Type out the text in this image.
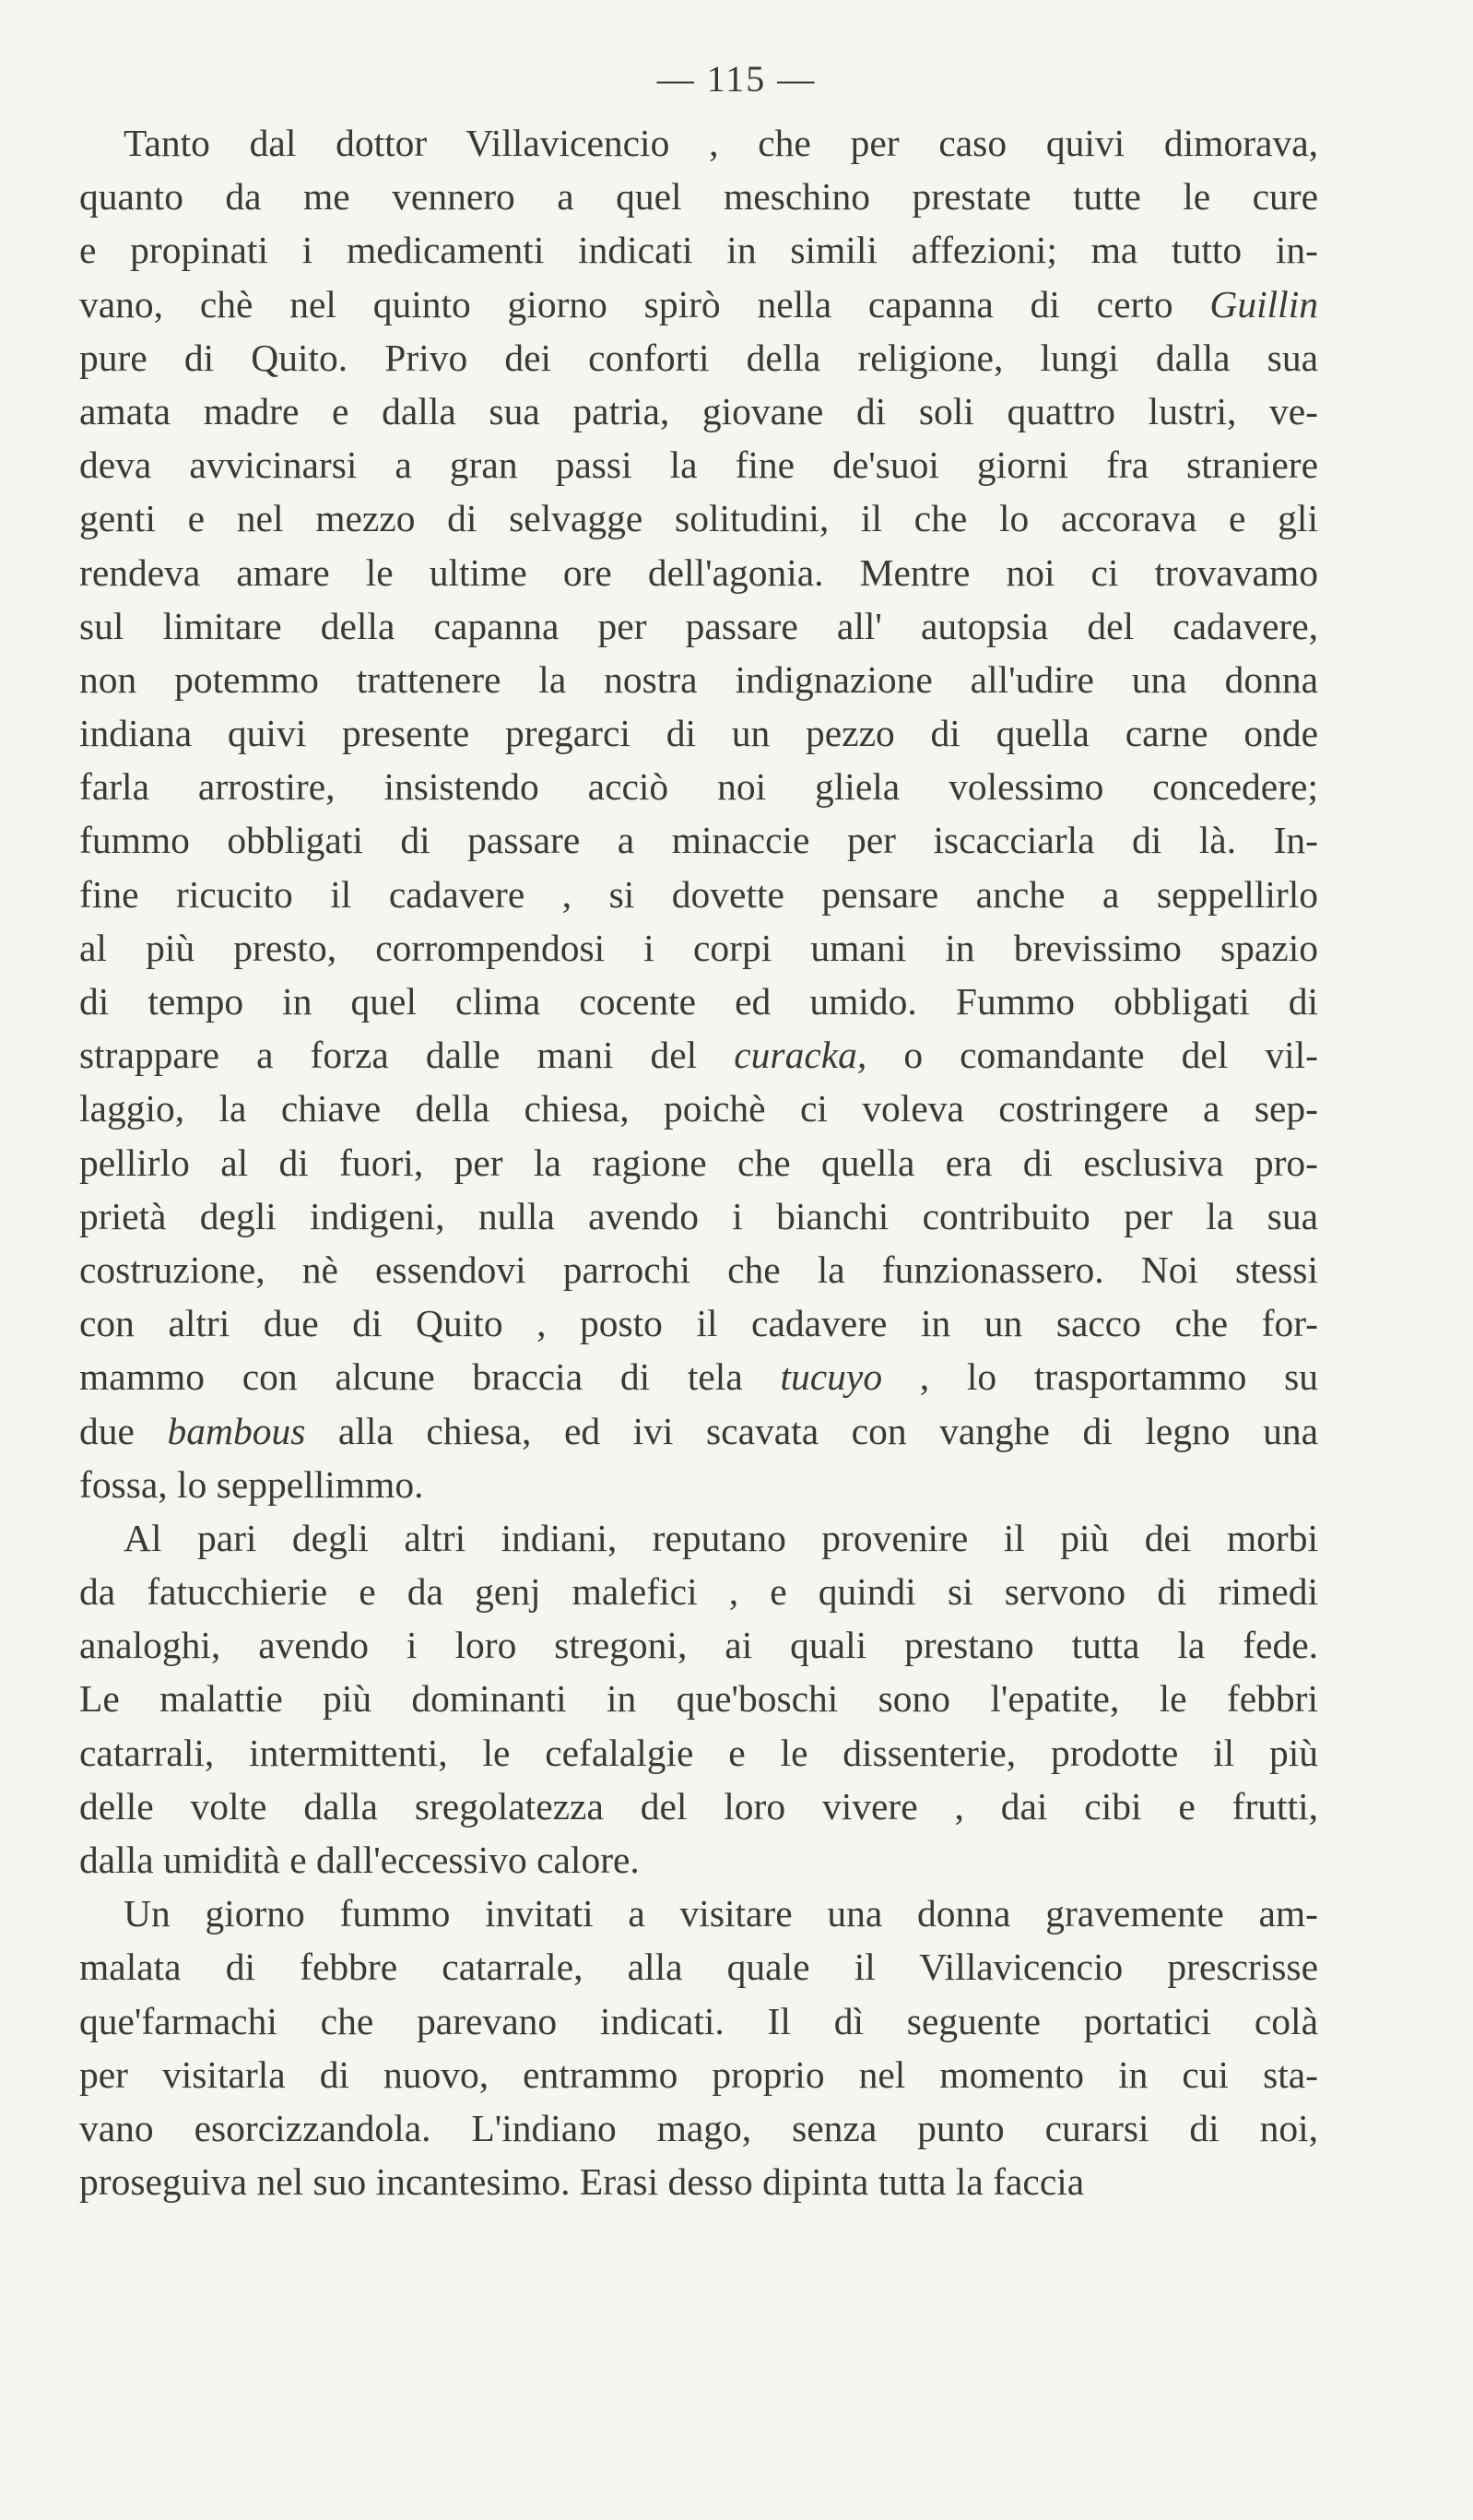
— 115 —
Tanto dal dottor Villavicencio , che per caso quivi dimorava,
quanto da me vennero a quel meschino prestate tutte le cure
e propinati i medicamenti indicati in simili affezioni; ma tutto in-
vano, chè nel quinto giorno spirò nella capanna di certo Guillin
pure di Quito. Privo dei conforti della religione, lungi dalla sua
amata madre e dalla sua patria, giovane di soli quattro lustri, ve-
deva avvicinarsi a gran passi la fine de'suoi giorni fra straniere
genti e nel mezzo di selvagge solitudini, il che lo accorava e gli
rendeva amare le ultime ore dell'agonia. Mentre noi ci trovavamo
sul limitare della capanna per passare all' autopsia del cadavere,
non potemmo trattenere la nostra indignazione all'udire una donna
indiana quivi presente pregarci di un pezzo di quella carne onde
farla arrostire, insistendo acciò noi gliela volessimo concedere;
fummo obbligati di passare a minaccie per iscacciarla di là. In-
fine ricucito il cadavere , si dovette pensare anche a seppellirlo
al più presto, corrompendosi i corpi umani in brevissimo spazio
di tempo in quel clima cocente ed umido. Fummo obbligati di
strappare a forza dalle mani del curacka, o comandante del vil-
laggio, la chiave della chiesa, poichè ci voleva costringere a sep-
pellirlo al di fuori, per la ragione che quella era di esclusiva pro-
prietà degli indigeni, nulla avendo i bianchi contribuito per la sua
costruzione, nè essendovi parrochi che la funzionassero. Noi stessi
con altri due di Quito , posto il cadavere in un sacco che for-
mammo con alcune braccia di tela tucuyo , lo trasportammo su
due bambous alla chiesa, ed ivi scavata con vanghe di legno una
fossa, lo seppellimmo.
Al pari degli altri indiani, reputano provenire il più dei morbi
da fatucchierie e da genj malefici , e quindi si servono di rimedi
analoghi, avendo i loro stregoni, ai quali prestano tutta la fede.
Le malattie più dominanti in que'boschi sono l'epatite, le febbri
catarrali, intermittenti, le cefalalgie e le dissenterie, prodotte il più
delle volte dalla sregolatezza del loro vivere , dai cibi e frutti,
dalla umidità e dall'eccessivo calore.
Un giorno fummo invitati a visitare una donna gravemente am-
malata di febbre catarrale, alla quale il Villavicencio prescrisse
que'farmachi che parevano indicati. Il dì seguente portatici colà
per visitarla di nuovo, entrammo proprio nel momento in cui sta-
vano esorcizzandola. L'indiano mago, senza punto curarsi di noi,
proseguiva nel suo incantesimo. Erasi desso dipinta tutta la faccia
